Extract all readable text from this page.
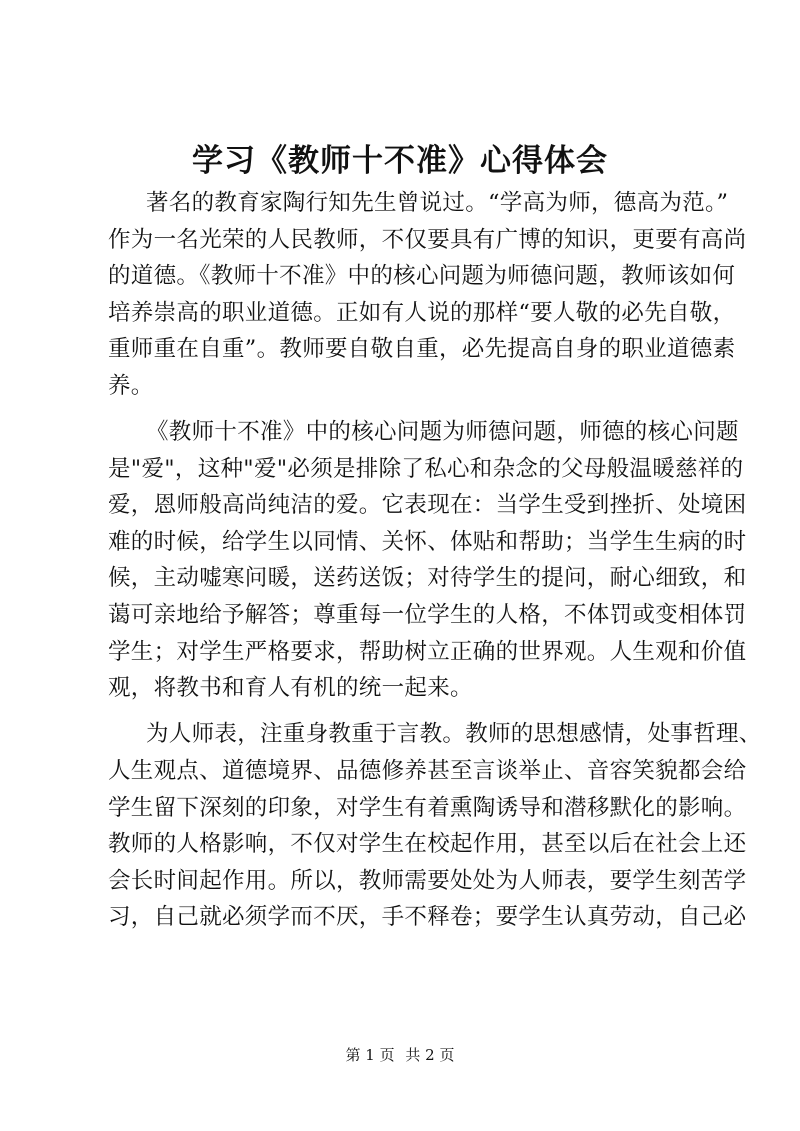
学习《教师十不准》心得体会
著名的教育家陶行知先生曾说过。“学高为师，德高为范。”
作为一名光荣的人民教师，不仅要具有广博的知识，更要有高尚
的道德。《教师十不准》中的核心问题为师德问题，教师该如何
培养崇高的职业道德。正如有人说的那样“要人敬的必先自敬，
重师重在自重”。教师要自敬自重，必先提高自身的职业道德素
养。
《教师十不准》中的核心问题为师德问题，师德的核心问题
是"爱"，这种"爱"必须是排除了私心和杂念的父母般温暖慈祥的
爱，恩师般高尚纯洁的爱。它表现在：当学生受到挫折、处境困
难的时候，给学生以同情、关怀、体贴和帮助；当学生生病的时
候，主动嘘寒问暖，送药送饭；对待学生的提问，耐心细致，和
蔼可亲地给予解答；尊重每一位学生的人格，不体罚或变相体罚
学生；对学生严格要求，帮助树立正确的世界观。人生观和价值
观，将教书和育人有机的统一起来。
为人师表，注重身教重于言教。教师的思想感情，处事哲理、
人生观点、道德境界、品德修养甚至言谈举止、音容笑貌都会给
学生留下深刻的印象，对学生有着熏陶诱导和潜移默化的影响。
教师的人格影响，不仅对学生在校起作用，甚至以后在社会上还
会长时间起作用。所以，教师需要处处为人师表，要学生刻苦学
习，自己就必须学而不厌，手不释卷；要学生认真劳动，自己必
第 1 页 共 2 页
